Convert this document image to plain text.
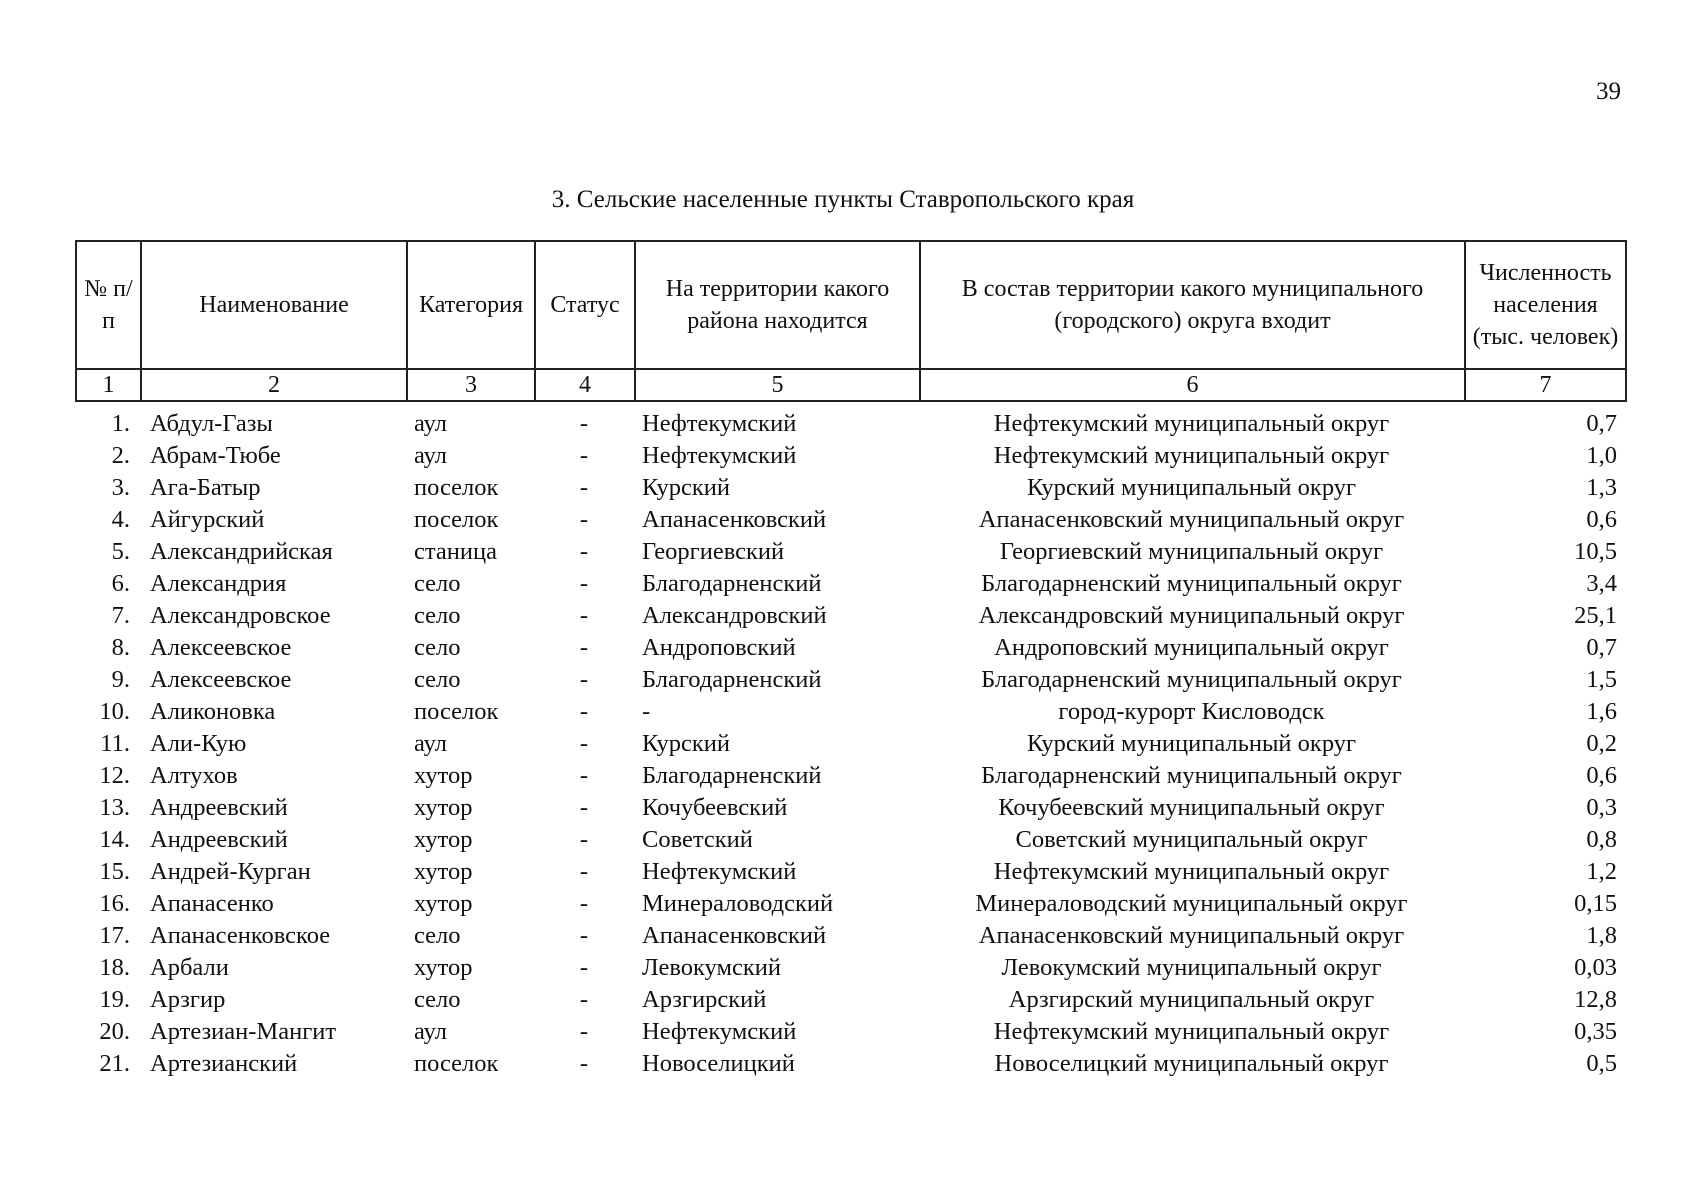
39
3. Сельские населенные пункты Ставропольского края
№ п/п	Наименование	Категория	Статус	На территории какого района находится	В состав территории какого муниципального (городского) округа входит	Численность населения (тыс. человек)
1	2	3	4	5	6	7
1.	Абдул-Газы	аул	-	Нефтекумский	Нефтекумский муниципальный округ	0,7
2.	Абрам-Тюбе	аул	-	Нефтекумский	Нефтекумский муниципальный округ	1,0
3.	Ага-Батыр	поселок	-	Курский	Курский муниципальный округ	1,3
4.	Айгурский	поселок	-	Апанасенковский	Апанасенковский муниципальный округ	0,6
5.	Александрийская	станица	-	Георгиевский	Георгиевский муниципальный округ	10,5
6.	Александрия	село	-	Благодарненский	Благодарненский муниципальный округ	3,4
7.	Александровское	село	-	Александровский	Александровский муниципальный округ	25,1
8.	Алексеевское	село	-	Андроповский	Андроповский муниципальный округ	0,7
9.	Алексеевское	село	-	Благодарненский	Благодарненский муниципальный округ	1,5
10.	Аликоновка	поселок	-	-	город-курорт Кисловодск	1,6
11.	Али-Кую	аул	-	Курский	Курский муниципальный округ	0,2
12.	Алтухов	хутор	-	Благодарненский	Благодарненский муниципальный округ	0,6
13.	Андреевский	хутор	-	Кочубеевский	Кочубеевский муниципальный округ	0,3
14.	Андреевский	хутор	-	Советский	Советский муниципальный округ	0,8
15.	Андрей-Курган	хутор	-	Нефтекумский	Нефтекумский муниципальный округ	1,2
16.	Апанасенко	хутор	-	Минераловодский	Минераловодский муниципальный округ	0,15
17.	Апанасенковское	село	-	Апанасенковский	Апанасенковский муниципальный округ	1,8
18.	Арбали	хутор	-	Левокумский	Левокумский муниципальный округ	0,03
19.	Арзгир	село	-	Арзгирский	Арзгирский муниципальный округ	12,8
20.	Артезиан-Мангит	аул	-	Нефтекумский	Нефтекумский муниципальный округ	0,35
21.	Артезианский	поселок	-	Новоселицкий	Новоселицкий муниципальный округ	0,5
